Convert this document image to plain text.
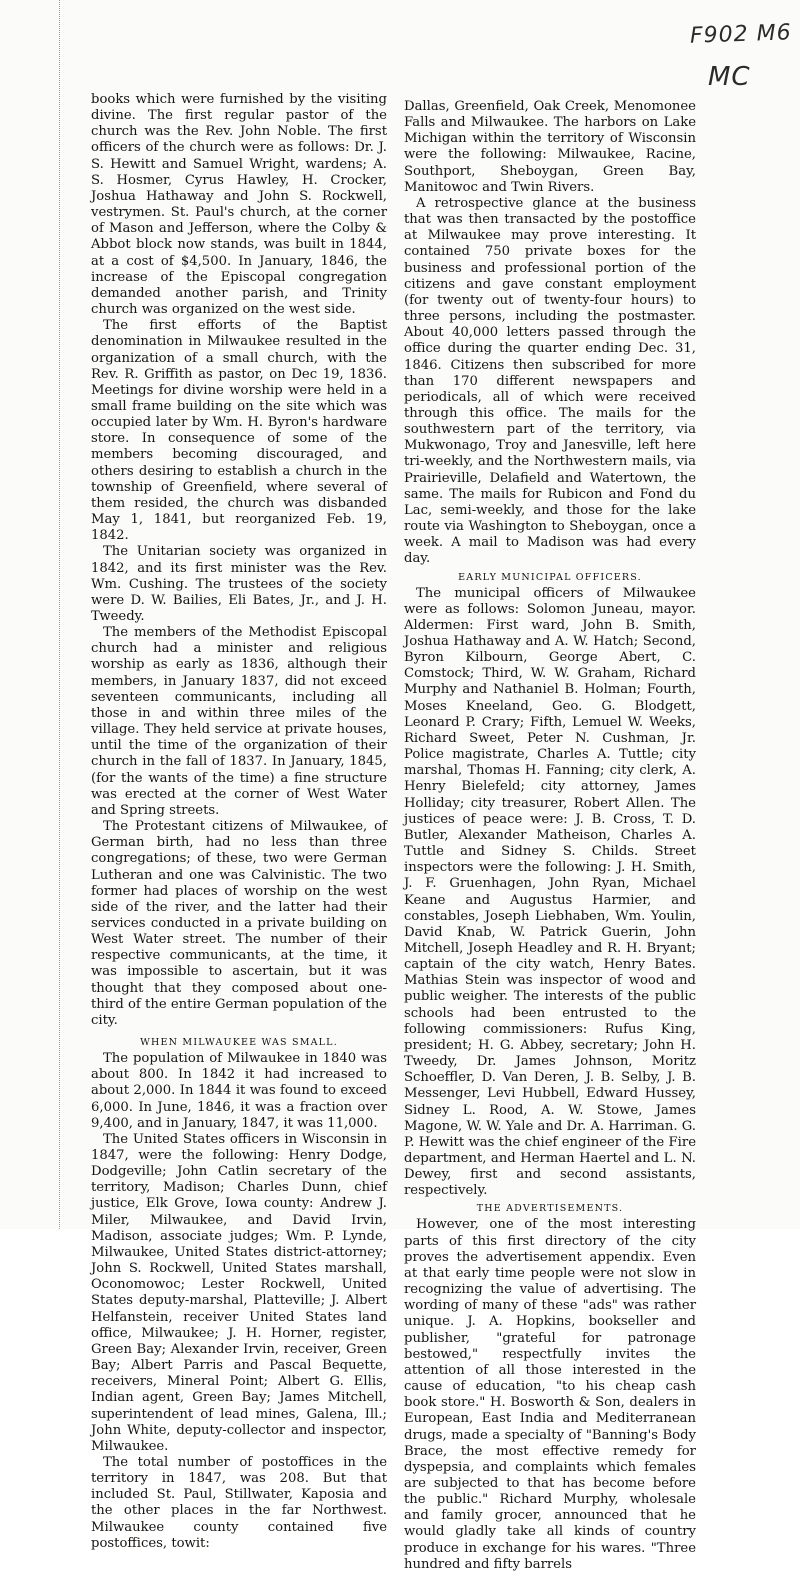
F902 M6
MC

books which were furnished by the visiting divine. The first regular pastor of the church was the Rev. John Noble. The first officers of the church were as follows: Dr. J. S. Hewitt and Samuel Wright, wardens; A. S. Hosmer, Cyrus Hawley, H. Crocker, Joshua Hathaway and John S. Rockwell, vestrymen. St. Paul's church, at the corner of Mason and Jefferson, where the Colby & Abbot block now stands, was built in 1844, at a cost of $4,500. In January, 1846, the increase of the Episcopal congregation demanded another parish, and Trinity church was organized on the west side.

The first efforts of the Baptist denomination in Milwaukee resulted in the organization of a small church, with the Rev. R. Griffith as pastor, on Dec 19, 1836. Meetings for divine worship were held in a small frame building on the site which was occupied later by Wm. H. Byron's hardware store. In consequence of some of the members becoming discouraged, and others desiring to establish a church in the township of Greenfield, where several of them resided, the church was disbanded May 1, 1841, but reorganized Feb. 19, 1842.

The Unitarian society was organized in 1842, and its first minister was the Rev. Wm. Cushing. The trustees of the society were D. W. Bailies, Eli Bates, Jr., and J. H. Tweedy.

The members of the Methodist Episcopal church had a minister and religious worship as early as 1836, although their members, in January 1837, did not exceed seventeen communicants, including all those in and within three miles of the village. They held service at private houses, until the time of the organization of their church in the fall of 1837. In January, 1845, (for the wants of the time) a fine structure was erected at the corner of West Water and Spring streets.

The Protestant citizens of Milwaukee, of German birth, had no less than three congregations; of these, two were German Lutheran and one was Calvinistic. The two former had places of worship on the west side of the river, and the latter had their services conducted in a private building on West Water street. The number of their respective communicants, at the time, it was impossible to ascertain, but it was thought that they composed about one-third of the entire German population of the city.

WHEN MILWAUKEE WAS SMALL.

The population of Milwaukee in 1840 was about 800. In 1842 it had increased to about 2,000. In 1844 it was found to exceed 6,000. In June, 1846, it was a fraction over 9,400, and in January, 1847, it was 11,000.

The United States officers in Wisconsin in 1847, were the following: Henry Dodge, Dodgeville; John Catlin secretary of the territory, Madison; Charles Dunn, chief justice, Elk Grove, Iowa county: Andrew J. Miler, Milwaukee, and David Irvin, Madison, associate judges; Wm. P. Lynde, Milwaukee, United States district-attorney; John S. Rockwell, United States marshall, Oconomowoc; Lester Rockwell, United States deputy-marshal, Platteville; J. Albert Helfanstein, receiver United States land office, Milwaukee; J. H. Horner, register, Green Bay; Alexander Irvin, receiver, Green Bay; Albert Parris and Pascal Bequette, receivers, Mineral Point; Albert G. Ellis, Indian agent, Green Bay; James Mitchell, superintendent of lead mines, Galena, Ill.; John White, deputy-collector and inspector, Milwaukee.

The total number of postoffices in the territory in 1847, was 208. But that included St. Paul, Stillwater, Kaposia and the other places in the far Northwest. Milwaukee county contained five postoffices, towit:

Dallas, Greenfield, Oak Creek, Menomonee Falls and Milwaukee. The harbors on Lake Michigan within the territory of Wisconsin were the following: Milwaukee, Racine, Southport, Sheboygan, Green Bay, Manitowoc and Twin Rivers.

A retrospective glance at the business that was then transacted by the postoffice at Milwaukee may prove interesting. It contained 750 private boxes for the business and professional portion of the citizens and gave constant employment (for twenty out of twenty-four hours) to three persons, including the postmaster. About 40,000 letters passed through the office during the quarter ending Dec. 31, 1846. Citizens then subscribed for more than 170 different newspapers and periodicals, all of which were received through this office. The mails for the southwestern part of the territory, via Mukwonago, Troy and Janesville, left here tri-weekly, and the Northwestern mails, via Prairieville, Delafield and Watertown, the same. The mails for Rubicon and Fond du Lac, semi-weekly, and those for the lake route via Washington to Sheboygan, once a week. A mail to Madison was had every day.

EARLY MUNICIPAL OFFICERS.

The municipal officers of Milwaukee were as follows: Solomon Juneau, mayor. Aldermen: First ward, John B. Smith, Joshua Hathaway and A. W. Hatch; Second, Byron Kilbourn, George Abert, C. Comstock; Third, W. W. Graham, Richard Murphy and Nathaniel B. Holman; Fourth, Moses Kneeland, Geo. G. Blodgett, Leonard P. Crary; Fifth, Lemuel W. Weeks, Richard Sweet, Peter N. Cushman, Jr. Police magistrate, Charles A. Tuttle; city marshal, Thomas H. Fanning; city clerk, A. Henry Bielefeld; city attorney, James Holliday; city treasurer, Robert Allen. The justices of peace were: J. B. Cross, T. D. Butler, Alexander Matheison, Charles A. Tuttle and Sidney S. Childs. Street inspectors were the following: J. H. Smith, J. F. Gruenhagen, John Ryan, Michael Keane and Augustus Harmier, and constables, Joseph Liebhaben, Wm. Youlin, David Knab, W. Patrick Guerin, John Mitchell, Joseph Headley and R. H. Bryant; captain of the city watch, Henry Bates. Mathias Stein was inspector of wood and public weigher. The interests of the public schools had been entrusted to the following commissioners: Rufus King, president; H. G. Abbey, secretary; John H. Tweedy, Dr. James Johnson, Moritz Schoeffler, D. Van Deren, J. B. Selby, J. B. Messenger, Levi Hubbell, Edward Hussey, Sidney L. Rood, A. W. Stowe, James Magone, W. W. Yale and Dr. A. Harriman. G. P. Hewitt was the chief engineer of the Fire department, and Herman Haertel and L. N. Dewey, first and second assistants, respectively.

THE ADVERTISEMENTS.

However, one of the most interesting parts of this first directory of the city proves the advertisement appendix. Even at that early time people were not slow in recognizing the value of advertising. The wording of many of these "ads" was rather unique. J. A. Hopkins, bookseller and publisher, "grateful for patronage bestowed," respectfully invites the attention of all those interested in the cause of education, "to his cheap cash book store." H. Bosworth & Son, dealers in European, East India and Mediterranean drugs, made a specialty of "Banning's Body Brace, the most effective remedy for dyspepsia, and complaints which females are subjected to that has become before the public." Richard Murphy, wholesale and family grocer, announced that he would gladly take all kinds of country produce in exchange for his wares. "Three hundred and fifty barrels
